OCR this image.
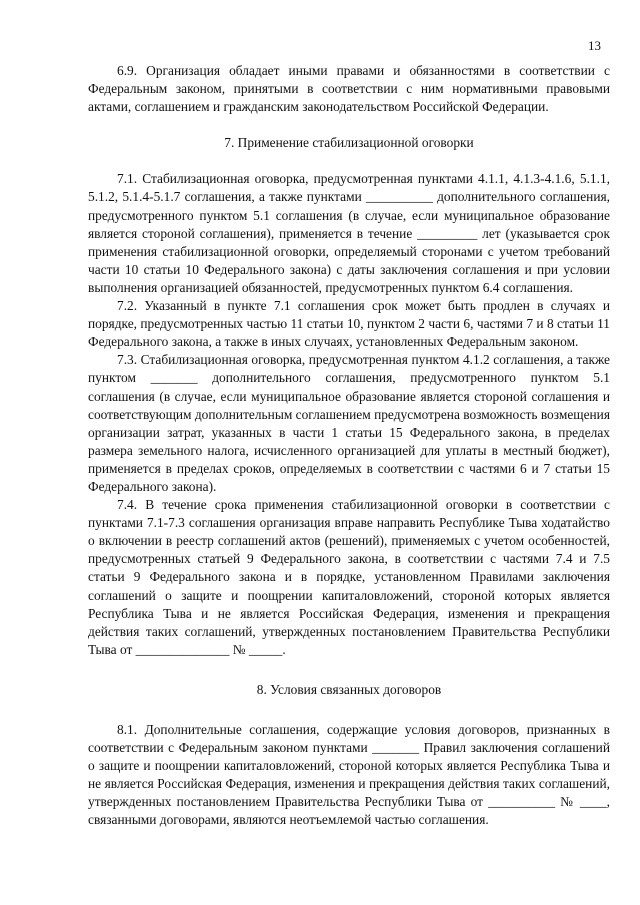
13

6.9. Организация обладает иными правами и обязанностями в соответствии с Федеральным законом, принятыми в соответствии с ним нормативными правовыми актами, соглашением и гражданским законодательством Российской Федерации.

7. Применение стабилизационной оговорки

7.1. Стабилизационная оговорка, предусмотренная пунктами 4.1.1, 4.1.3-4.1.6, 5.1.1, 5.1.2, 5.1.4-5.1.7 соглашения, а также пунктами __________ дополнительного соглашения, предусмотренного пунктом 5.1 соглашения (в случае, если муниципальное образование является стороной соглашения), применяется в течение _________ лет (указывается срок применения стабилизационной оговорки, определяемый сторонами с учетом требований части 10 статьи 10 Федерального закона) с даты заключения соглашения и при условии выполнения организацией обязанностей, предусмотренных пунктом 6.4 соглашения.

7.2. Указанный в пункте 7.1 соглашения срок может быть продлен в случаях и порядке, предусмотренных частью 11 статьи 10, пунктом 2 части 6, частями 7 и 8 статьи 11 Федерального закона, а также в иных случаях, установленных Федеральным законом.

7.3. Стабилизационная оговорка, предусмотренная пунктом 4.1.2 соглашения, а также пунктом _______ дополнительного соглашения, предусмотренного пунктом 5.1 соглашения (в случае, если муниципальное образование является стороной соглашения и соответствующим дополнительным соглашением предусмотрена возможность возмещения организации затрат, указанных в части 1 статьи 15 Федерального закона, в пределах размера земельного налога, исчисленного организацией для уплаты в местный бюджет), применяется в пределах сроков, определяемых в соответствии с частями 6 и 7 статьи 15 Федерального закона).

7.4. В течение срока применения стабилизационной оговорки в соответствии с пунктами 7.1-7.3 соглашения организация вправе направить Республике Тыва ходатайство о включении в реестр соглашений актов (решений), применяемых с учетом особенностей, предусмотренных статьей 9 Федерального закона, в соответствии с частями 7.4 и 7.5 статьи 9 Федерального закона и в порядке, установленном Правилами заключения соглашений о защите и поощрении капиталовложений, стороной которых является Республика Тыва и не является Российская Федерация, изменения и прекращения действия таких соглашений, утвержденных постановлением Правительства Республики Тыва от ______________ № _____.

8. Условия связанных договоров

8.1. Дополнительные соглашения, содержащие условия договоров, признанных в соответствии с Федеральным законом пунктами _______ Правил заключения соглашений о защите и поощрении капиталовложений, стороной которых является Республика Тыва и не является Российская Федерация, изменения и прекращения действия таких соглашений, утвержденных постановлением Правительства Республики Тыва от __________ № ____, связанными договорами, являются неотъемлемой частью соглашения.
